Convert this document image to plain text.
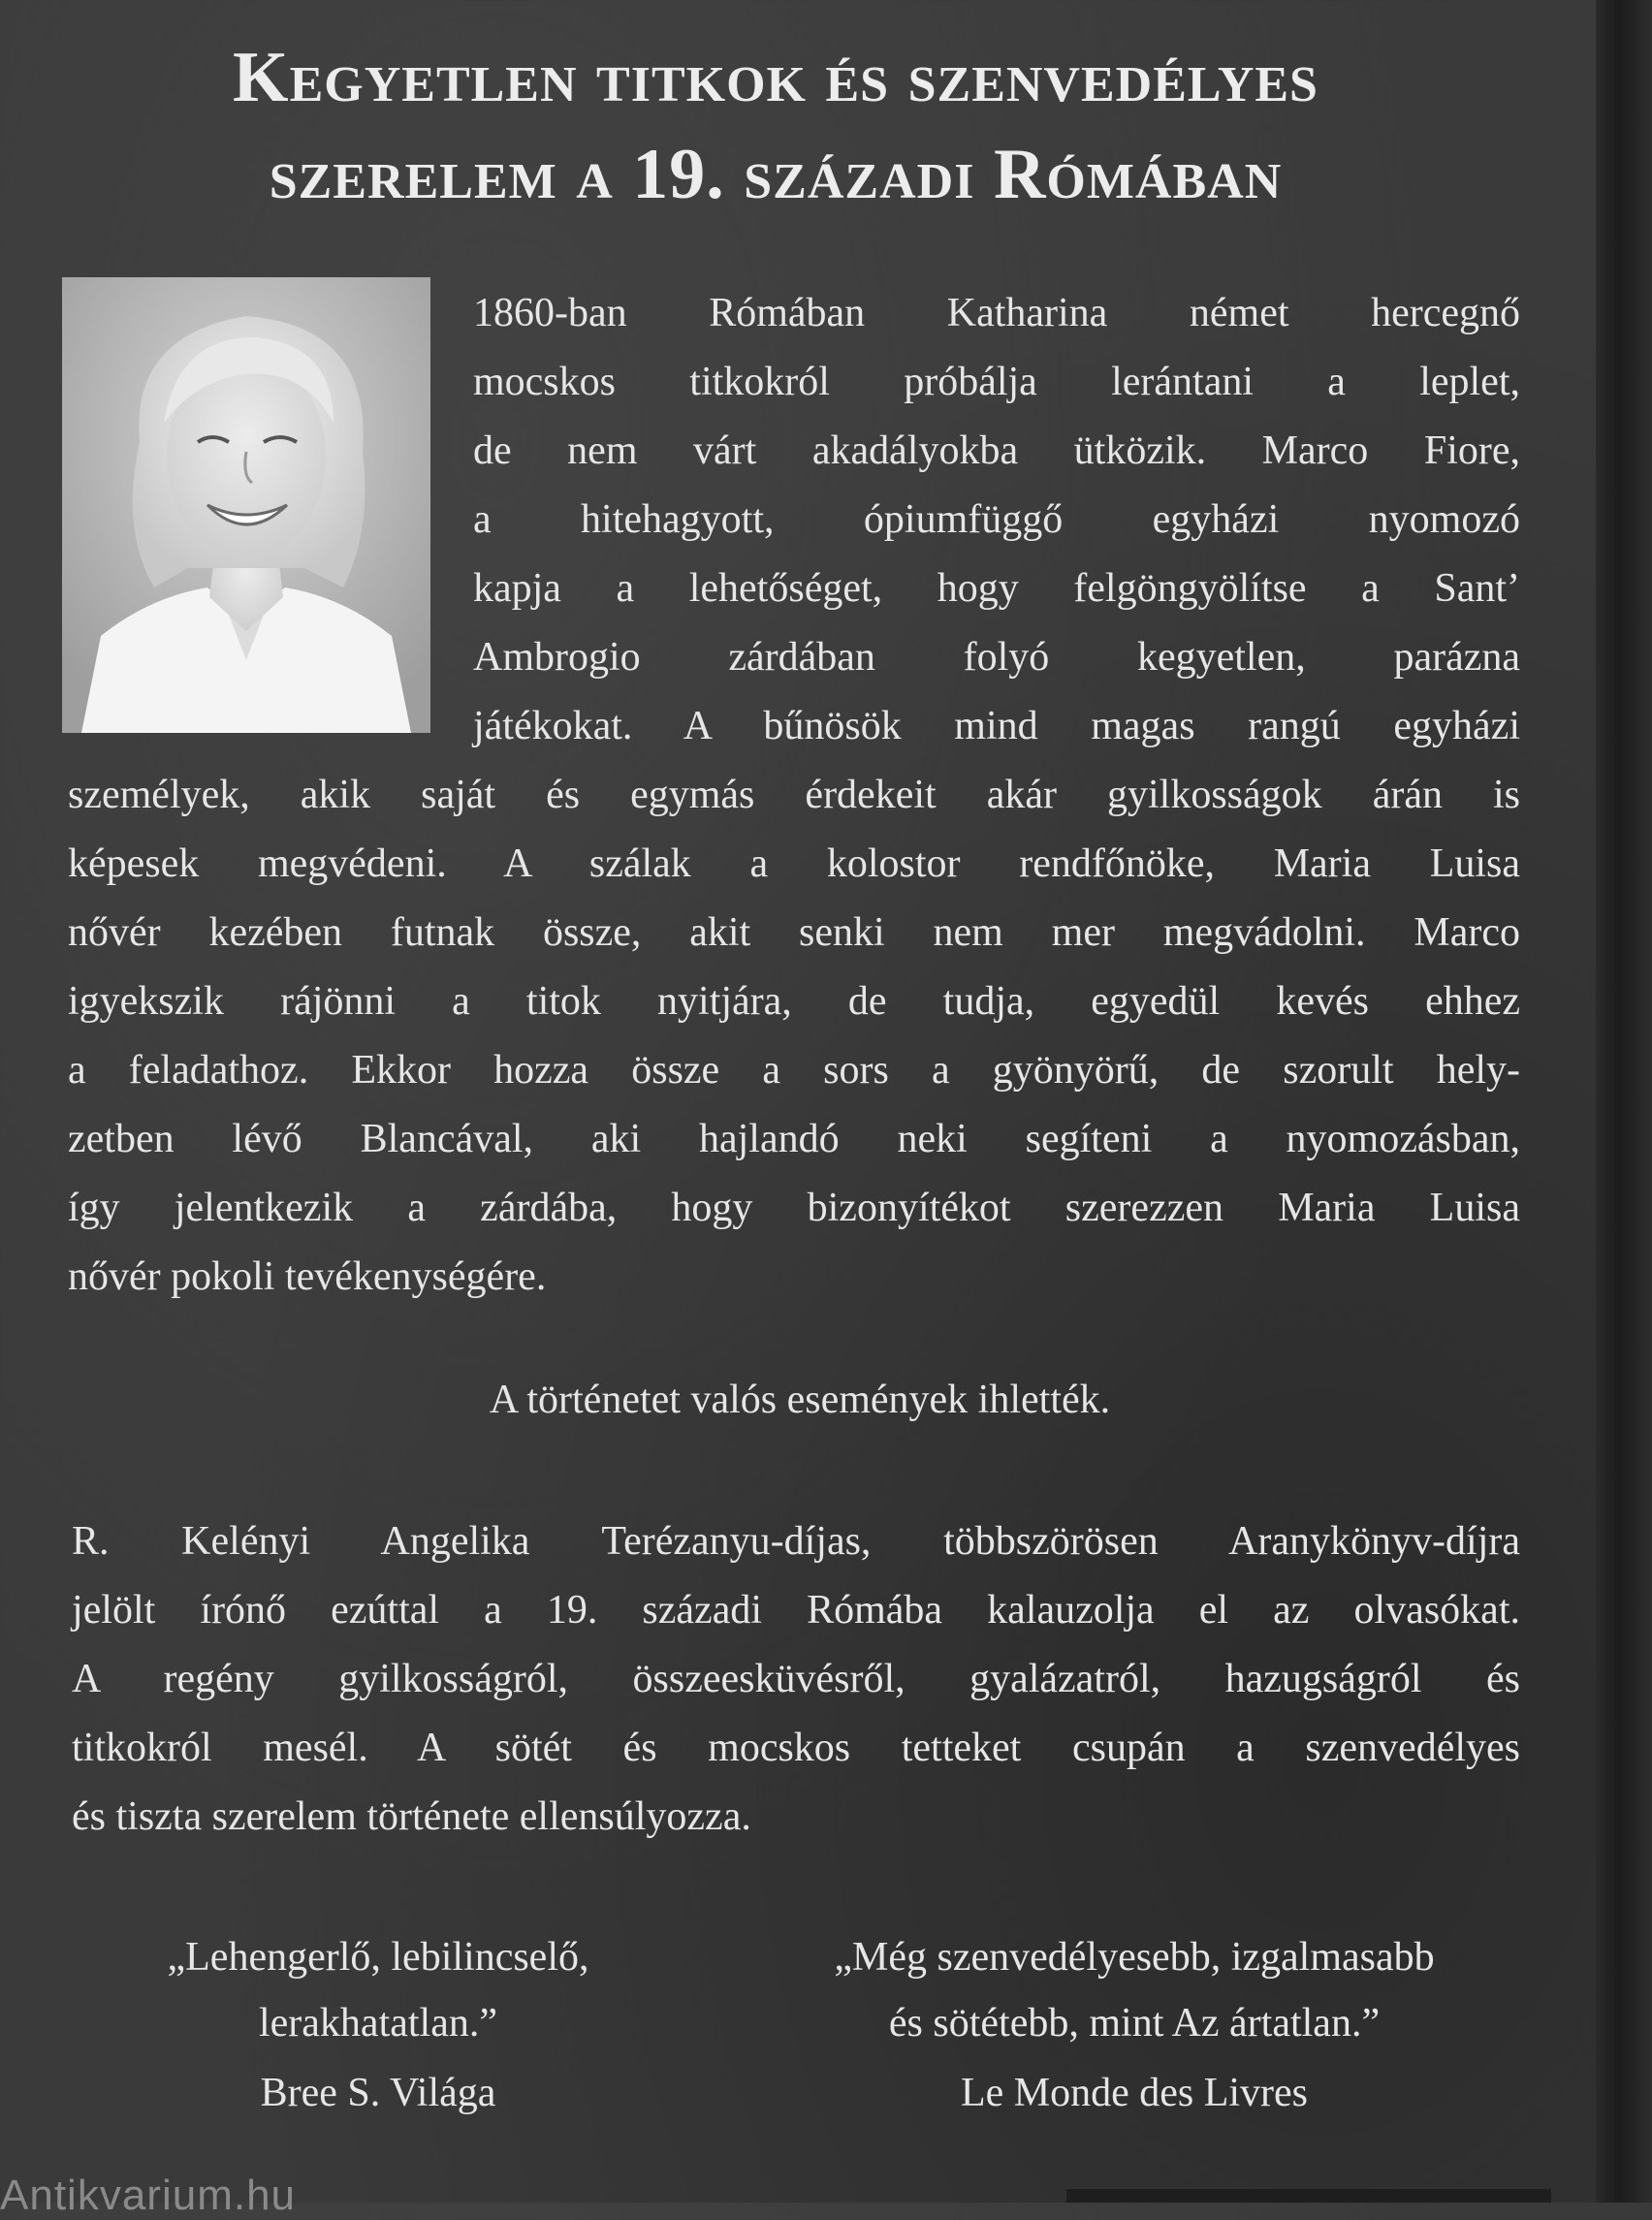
Kegyetlen titkok és szenvedélyes
szerelem a 19. századi Rómában
1860-ban Rómában Katharina német hercegnő
mocskos titkokról próbálja lerántani a leplet,
de nem várt akadályokba ütközik. Marco Fiore,
a hitehagyott, ópiumfüggő egyházi nyomozó
kapja a lehetőséget, hogy felgöngyölítse a Sant’
Ambrogio zárdában folyó kegyetlen, parázna
játékokat. A bűnösök mind magas rangú egyházi
személyek, akik saját és egymás érdekeit akár gyilkosságok árán is
képesek megvédeni. A szálak a kolostor rendfőnöke, Maria Luisa
nővér kezében futnak össze, akit senki nem mer megvádolni. Marco
igyekszik rájönni a titok nyitjára, de tudja, egyedül kevés ehhez
a feladathoz. Ekkor hozza össze a sors a gyönyörű, de szorult hely-
zetben lévő Blancával, aki hajlandó neki segíteni a nyomozásban,
így jelentkezik a zárdába, hogy bizonyítékot szerezzen Maria Luisa
nővér pokoli tevékenységére.
A történetet valós események ihlették.
R. Kelényi Angelika Terézanyu-díjas, többszörösen Aranykönyv-díjra
jelölt írónő ezúttal a 19. századi Rómába kalauzolja el az olvasókat.
A regény gyilkosságról, összeesküvésről, gyalázatról, hazugságról és
titkokról mesél. A sötét és mocskos tetteket csupán a szenvedélyes
és tiszta szerelem története ellensúlyozza.
„Lehengerlő, lebilincselő,
lerakhatatlan.”
Bree S. Világa
„Még szenvedélyesebb, izgalmasabb
és sötétebb, mint Az ártatlan.”
Le Monde des Livres
Antikvarium.hu
